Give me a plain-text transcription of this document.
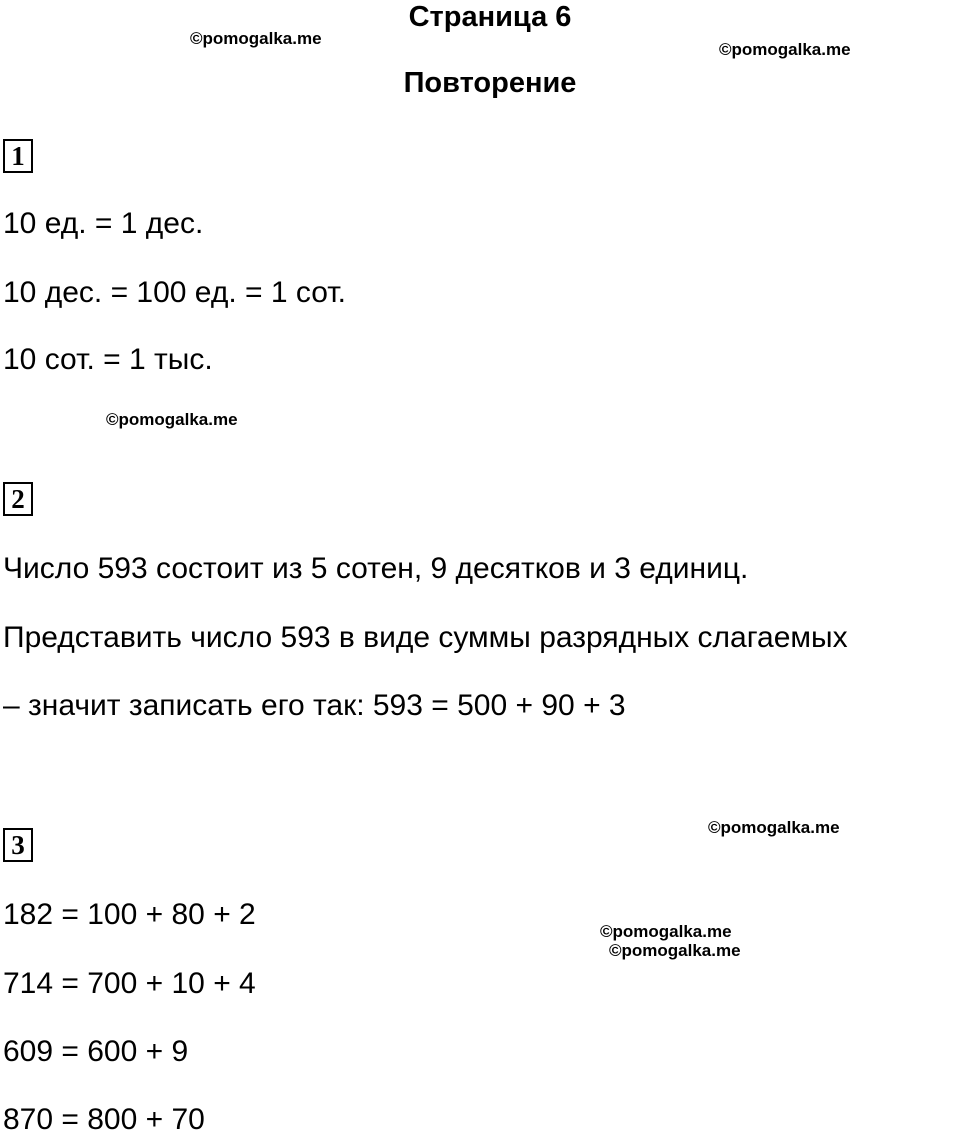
Страница 6
Повторение
©pomogalka.me
©pomogalka.me
©pomogalka.me
©pomogalka.me
©pomogalka.me
©pomogalka.me
1
10 ед. = 1 дес.
10 дес. = 100 ед. = 1 сот.
10 сот. = 1 тыс.
2
Число 593 состоит из 5 сотен, 9 десятков и 3 единиц.
Представить число 593 в виде суммы разрядных слагаемых
– значит записать его так: 593 = 500 + 90 + 3
3
182 = 100 + 80 + 2
714 = 700 + 10 + 4
609 = 600 + 9
870 = 800 + 70
